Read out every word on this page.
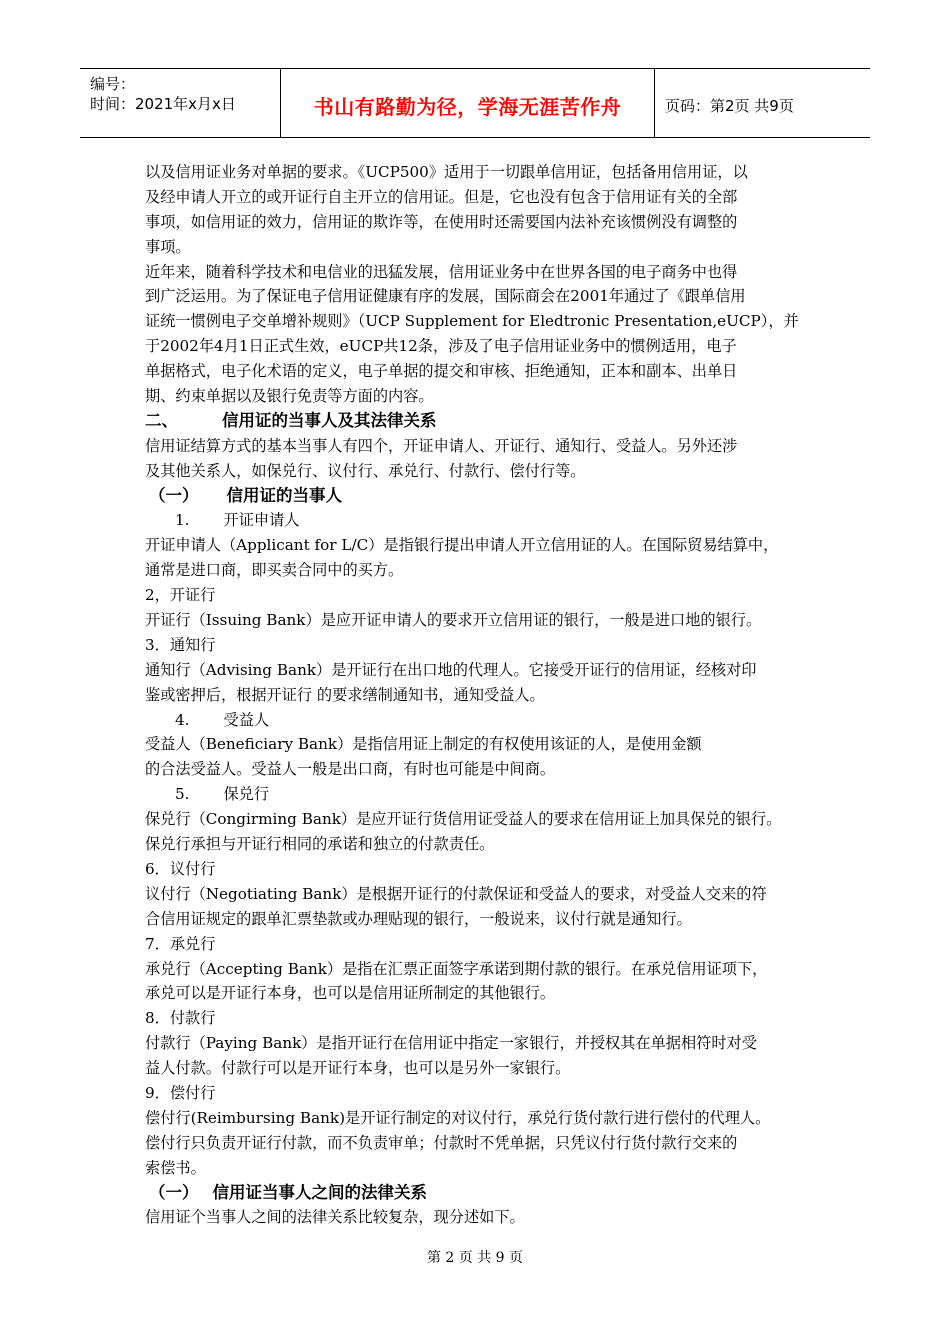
编号：
时间：2021年x月x日	书山有路勤为径，学海无涯苦作舟	页码：第2页 共9页
以及信用证业务对单据的要求。《UCP500》适用于一切跟单信用证，包括备用信用证，以
及经申请人开立的或开证行自主开立的信用证。但是，它也没有包含于信用证有关的全部
事项，如信用证的效力，信用证的欺诈等，在使用时还需要国内法补充该惯例没有调整的
事项。
近年来，随着科学技术和电信业的迅猛发展，信用证业务中在世界各国的电子商务中也得
到广泛运用。为了保证电子信用证健康有序的发展，国际商会在2001年通过了《跟单信用
证统一惯例电子交单增补规则》（UCP Supplement for Eledtronic Presentation,eUCP），并
于2002年4月1日正式生效，eUCP共12条，涉及了电子信用证业务中的惯例适用，电子
单据格式，电子化术语的定义，电子单据的提交和审核、拒绝通知，正本和副本、出单日
期、约束单据以及银行免责等方面的内容。
二、	信用证的当事人及其法律关系
信用证结算方式的基本当事人有四个，开证申请人、开证行、通知行、受益人。另外还涉
及其他关系人，如保兑行、议付行、承兑行、付款行、偿付行等。
（一） 信用证的当事人
1. 开证申请人
开证申请人（Applicant for L/C）是指银行提出申请人开立信用证的人。在国际贸易结算中，
通常是进口商，即买卖合同中的买方。
2，开证行
开证行（Issuing Bank）是应开证申请人的要求开立信用证的银行，一般是进口地的银行。
3．通知行
通知行（Advising Bank）是开证行在出口地的代理人。它接受开证行的信用证，经核对印
鉴或密押后，根据开证行 的要求缮制通知书，通知受益人。
4. 受益人
受益人（Beneficiary Bank）是指信用证上制定的有权使用该证的人，是使用金额
的合法受益人。受益人一般是出口商，有时也可能是中间商。
5. 保兑行
保兑行（Congirming Bank）是应开证行货信用证受益人的要求在信用证上加具保兑的银行。
保兑行承担与开证行相同的承诺和独立的付款责任。
6．议付行
议付行（Negotiating Bank）是根据开证行的付款保证和受益人的要求，对受益人交来的符
合信用证规定的跟单汇票垫款或办理贴现的银行，一般说来，议付行就是通知行。
7．承兑行
承兑行（Accepting Bank）是指在汇票正面签字承诺到期付款的银行。在承兑信用证项下，
承兑可以是开证行本身，也可以是信用证所制定的其他银行。
8．付款行
付款行（Paying Bank）是指开证行在信用证中指定一家银行，并授权其在单据相符时对受
益人付款。付款行可以是开证行本身，也可以是另外一家银行。
9．偿付行
偿付行(Reimbursing Bank)是开证行制定的对议付行，承兑行货付款行进行偿付的代理人。
偿付行只负责开证行付款，而不负责审单；付款时不凭单据，只凭议付行货付款行交来的
索偿书。
（一） 信用证当事人之间的法律关系
信用证个当事人之间的法律关系比较复杂，现分述如下。
第 2 页 共 9 页
